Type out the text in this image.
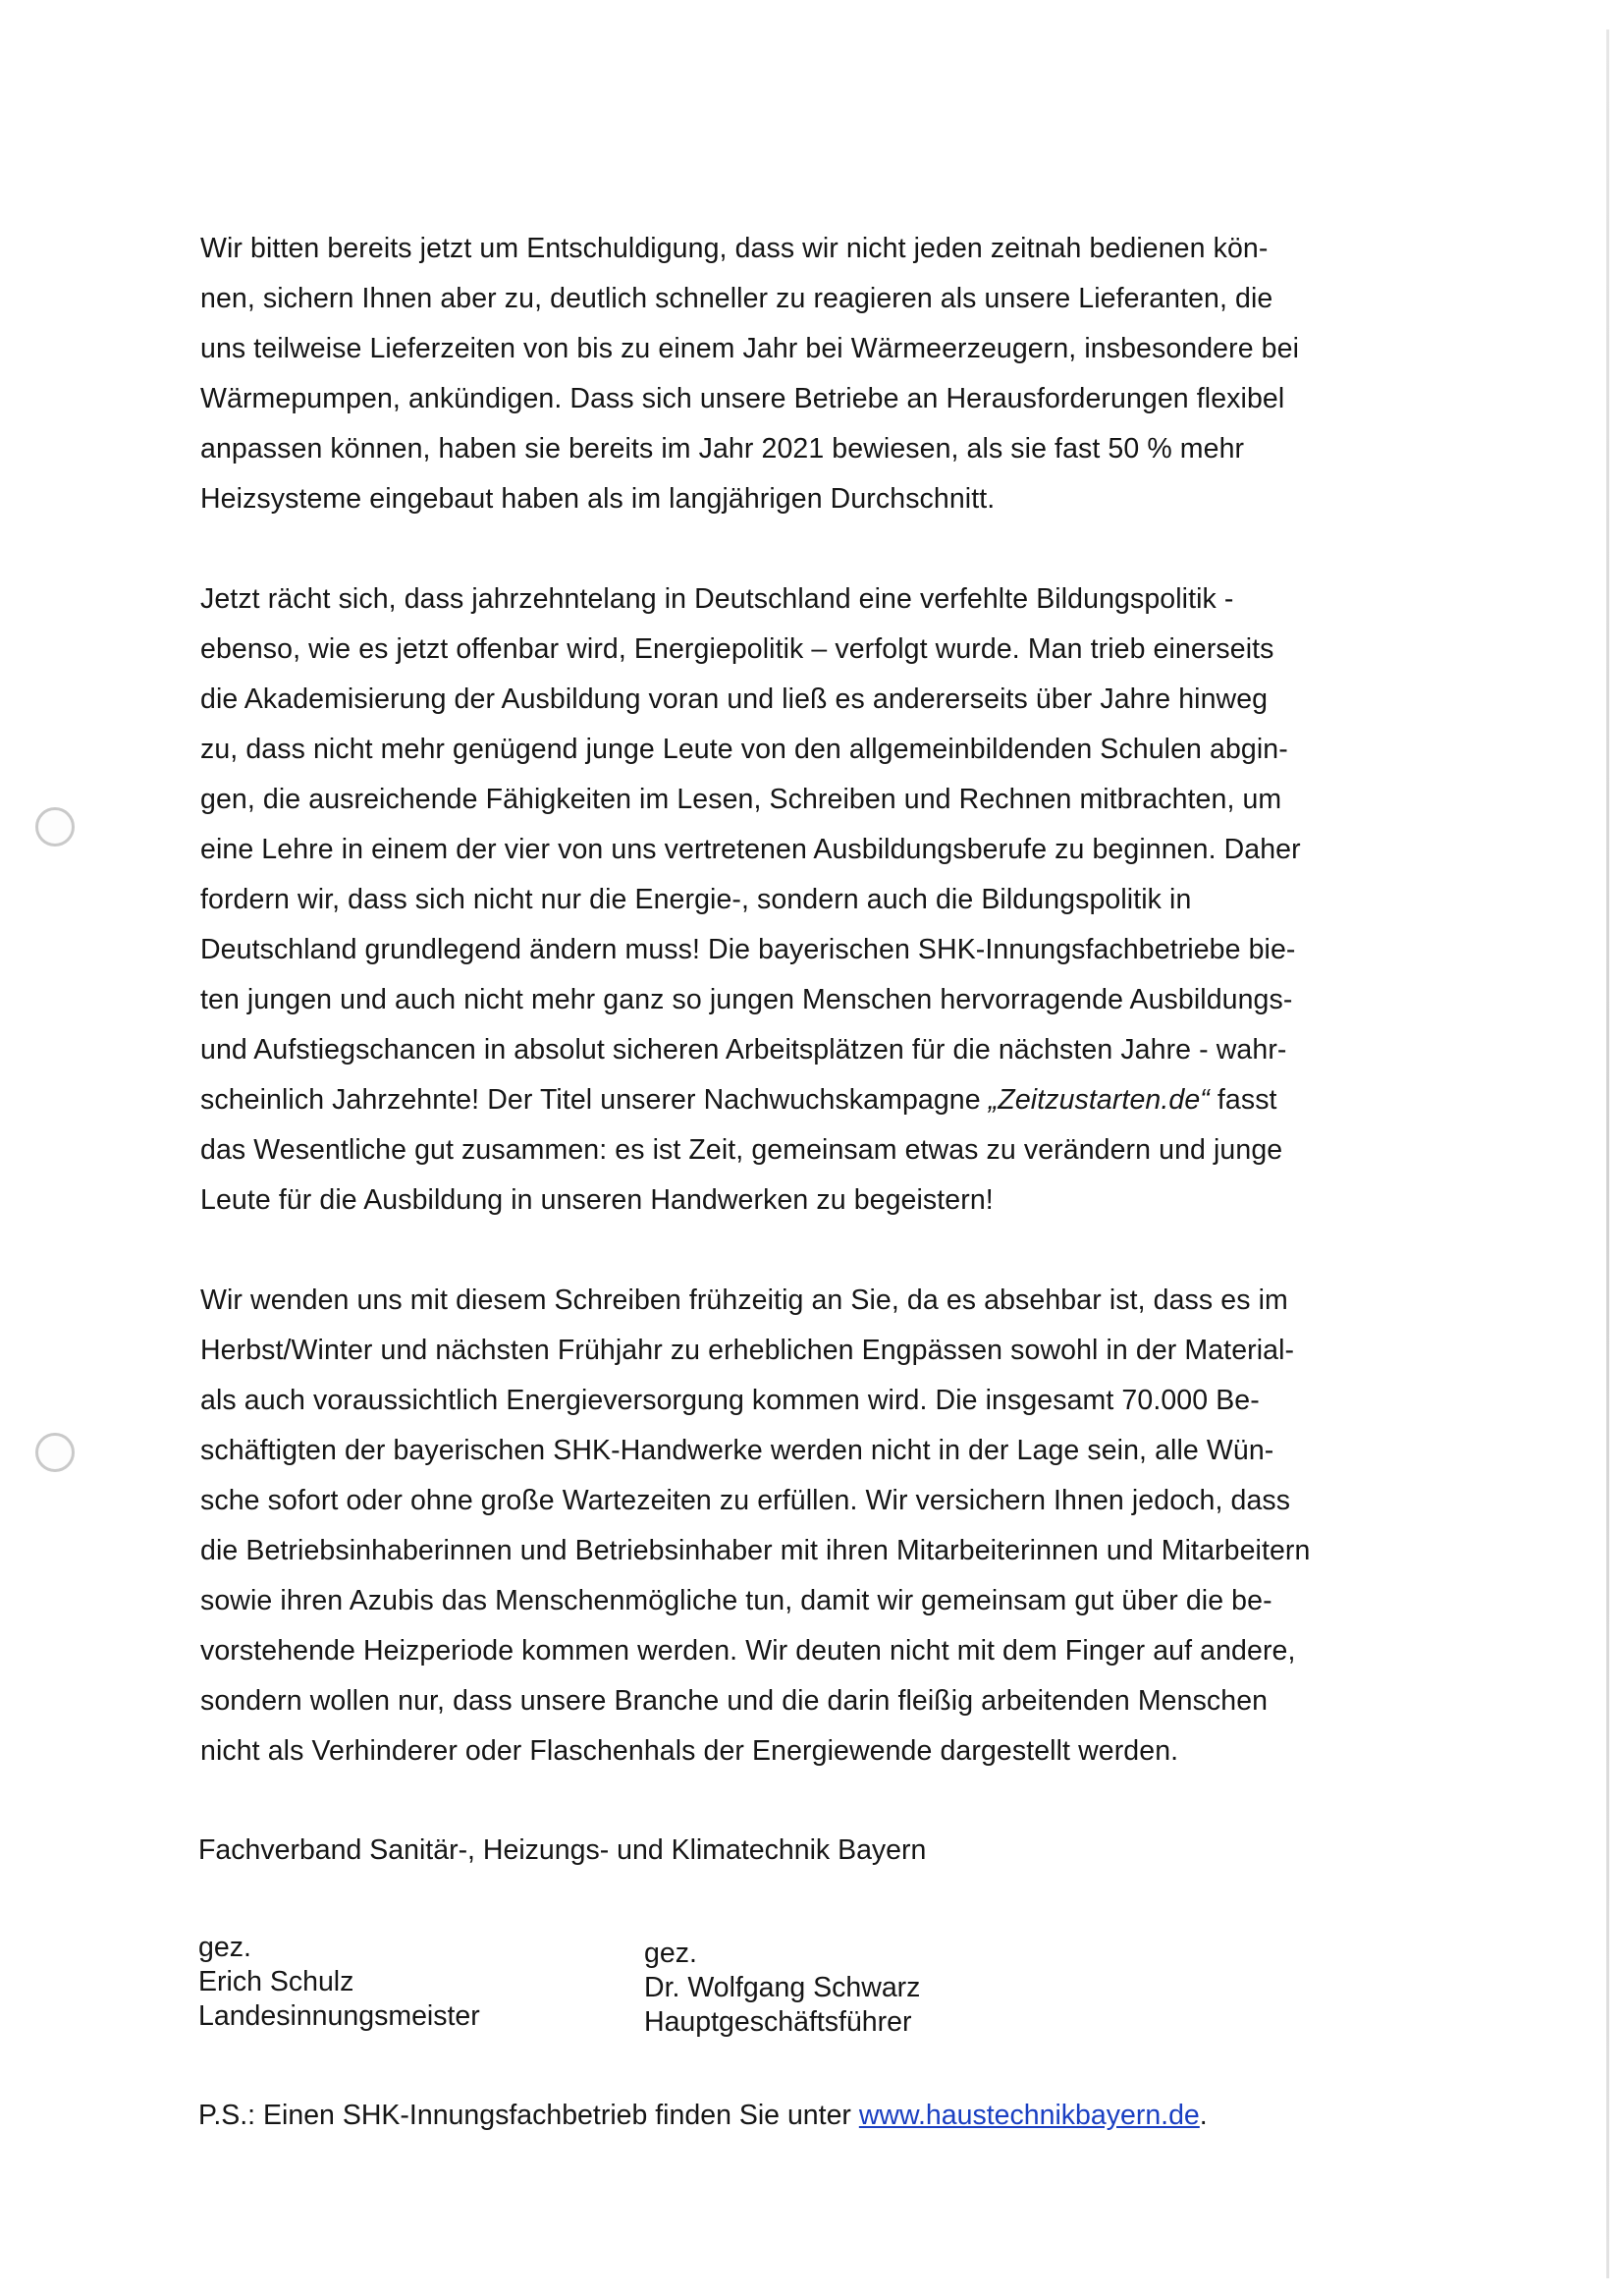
Wir bitten bereits jetzt um Entschuldigung, dass wir nicht jeden zeitnah bedienen kön-
nen, sichern Ihnen aber zu, deutlich schneller zu reagieren als unsere Lieferanten, die
uns teilweise Lieferzeiten von bis zu einem Jahr bei Wärmeerzeugern, insbesondere bei
Wärmepumpen, ankündigen. Dass sich unsere Betriebe an Herausforderungen flexibel
anpassen können, haben sie bereits im Jahr 2021 bewiesen, als sie fast 50 % mehr
Heizsysteme eingebaut haben als im langjährigen Durchschnitt.

Jetzt rächt sich, dass jahrzehntelang in Deutschland eine verfehlte Bildungspolitik -
ebenso, wie es jetzt offenbar wird, Energiepolitik – verfolgt wurde. Man trieb einerseits
die Akademisierung der Ausbildung voran und ließ es andererseits über Jahre hinweg
zu, dass nicht mehr genügend junge Leute von den allgemeinbildenden Schulen abgin-
gen, die ausreichende Fähigkeiten im Lesen, Schreiben und Rechnen mitbrachten, um
eine Lehre in einem der vier von uns vertretenen Ausbildungsberufe zu beginnen. Daher
fordern wir, dass sich nicht nur die Energie-, sondern auch die Bildungspolitik in
Deutschland grundlegend ändern muss! Die bayerischen SHK-Innungsfachbetriebe bie-
ten jungen und auch nicht mehr ganz so jungen Menschen hervorragende Ausbildungs-
und Aufstiegschancen in absolut sicheren Arbeitsplätzen für die nächsten Jahre - wahr-
scheinlich Jahrzehnte! Der Titel unserer Nachwuchskampagne „Zeitzustarten.de“ fasst
das Wesentliche gut zusammen: es ist Zeit, gemeinsam etwas zu verändern und junge
Leute für die Ausbildung in unseren Handwerken zu begeistern!

Wir wenden uns mit diesem Schreiben frühzeitig an Sie, da es absehbar ist, dass es im
Herbst/Winter und nächsten Frühjahr zu erheblichen Engpässen sowohl in der Material-
als auch voraussichtlich Energieversorgung kommen wird. Die insgesamt 70.000 Be-
schäftigten der bayerischen SHK-Handwerke werden nicht in der Lage sein, alle Wün-
sche sofort oder ohne große Wartezeiten zu erfüllen. Wir versichern Ihnen jedoch, dass
die Betriebsinhaberinnen und Betriebsinhaber mit ihren Mitarbeiterinnen und Mitarbeitern
sowie ihren Azubis das Menschenmögliche tun, damit wir gemeinsam gut über die be-
vorstehende Heizperiode kommen werden. Wir deuten nicht mit dem Finger auf andere,
sondern wollen nur, dass unsere Branche und die darin fleißig arbeitenden Menschen
nicht als Verhinderer oder Flaschenhals der Energiewende dargestellt werden.

Fachverband Sanitär-, Heizungs- und Klimatechnik Bayern
gez.
Erich Schulz
Landesinnungsmeister
gez.
Dr. Wolfgang Schwarz
Hauptgeschäftsführer
P.S.: Einen SHK-Innungsfachbetrieb finden Sie unter www.haustechnikbayern.de.
